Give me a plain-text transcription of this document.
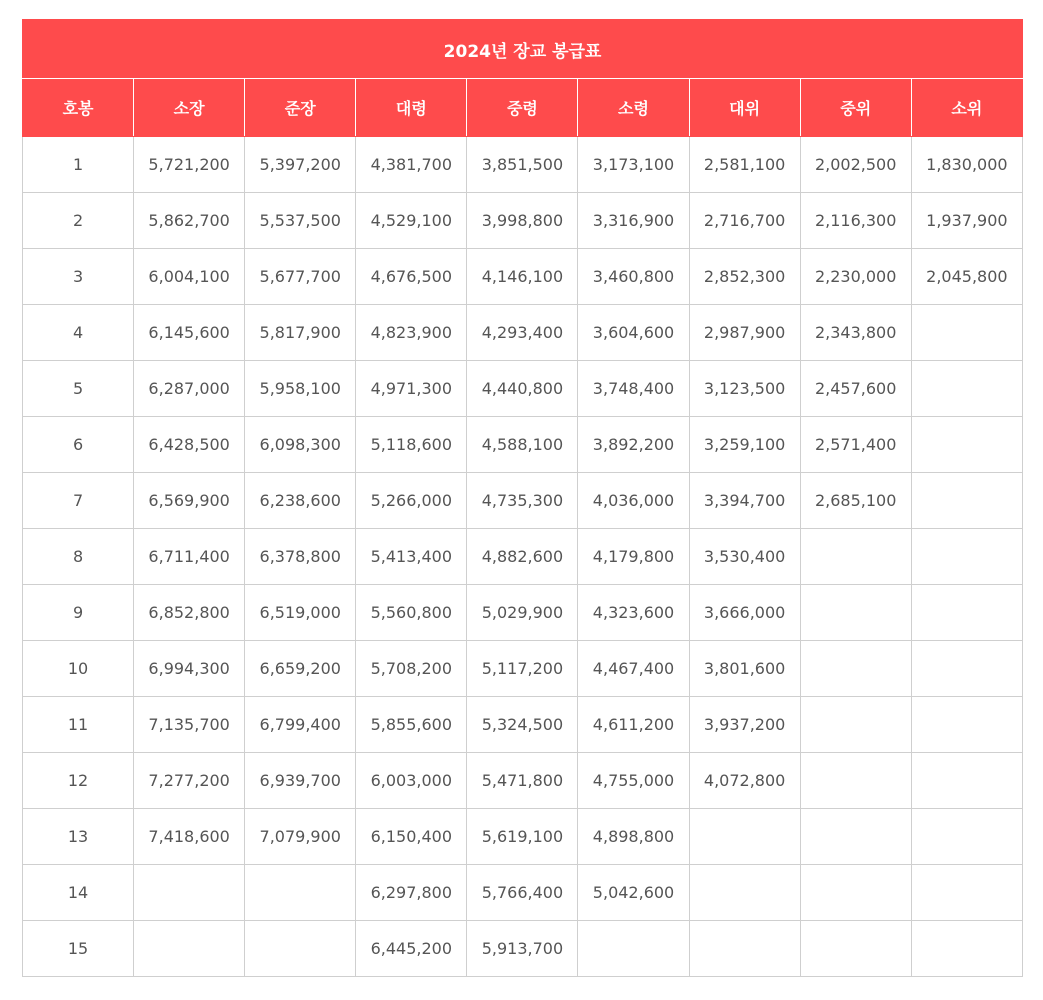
2024년 장교 봉급표								
호봉	소장	준장	대령	중령	소령	대위	중위	소위
1	5,721,200	5,397,200	4,381,700	3,851,500	3,173,100	2,581,100	2,002,500	1,830,000
2	5,862,700	5,537,500	4,529,100	3,998,800	3,316,900	2,716,700	2,116,300	1,937,900
3	6,004,100	5,677,700	4,676,500	4,146,100	3,460,800	2,852,300	2,230,000	2,045,800
4	6,145,600	5,817,900	4,823,900	4,293,400	3,604,600	2,987,900	2,343,800	
5	6,287,000	5,958,100	4,971,300	4,440,800	3,748,400	3,123,500	2,457,600	
6	6,428,500	6,098,300	5,118,600	4,588,100	3,892,200	3,259,100	2,571,400	
7	6,569,900	6,238,600	5,266,000	4,735,300	4,036,000	3,394,700	2,685,100	
8	6,711,400	6,378,800	5,413,400	4,882,600	4,179,800	3,530,400		
9	6,852,800	6,519,000	5,560,800	5,029,900	4,323,600	3,666,000		
10	6,994,300	6,659,200	5,708,200	5,117,200	4,467,400	3,801,600		
11	7,135,700	6,799,400	5,855,600	5,324,500	4,611,200	3,937,200		
12	7,277,200	6,939,700	6,003,000	5,471,800	4,755,000	4,072,800		
13	7,418,600	7,079,900	6,150,400	5,619,100	4,898,800			
14			6,297,800	5,766,400	5,042,600			
15			6,445,200	5,913,700				
